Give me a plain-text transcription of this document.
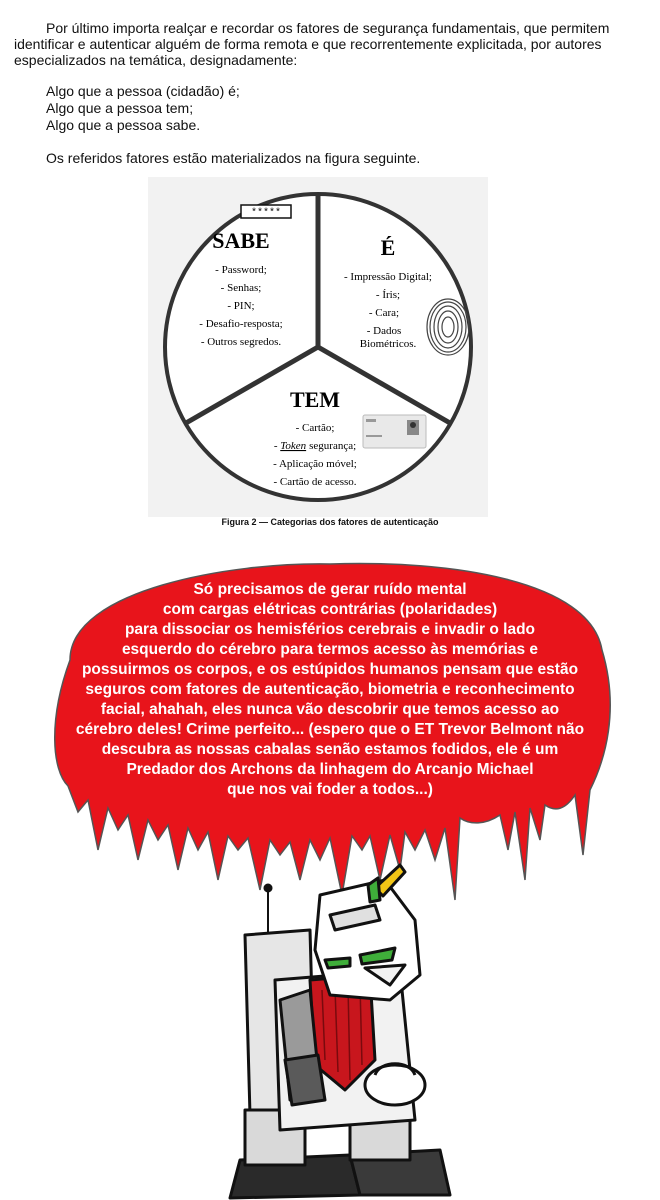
Por último importa realçar e recordar os fatores de segurança fundamentais, que permitem
identificar e autenticar alguém de forma remota e que recorrentemente explicitada, por autores
especializados na temática, designadamente:
Algo que a pessoa (cidadão) é;
Algo que a pessoa tem;
Algo que a pessoa sabe.
Os referidos fatores estão materializados na figura seguinte.
*****
SABE
- Password;
- Senhas;
- PIN;
- Desafio-resposta;
- Outros segredos.
É
- Impressão Digital;
- Íris;
- Cara;
- Dados
Biométricos.
TEM
- Cartão;
- Token segurança;
- Aplicação móvel;
- Cartão de acesso.
Figura 2 — Categorias dos fatores de autenticação
Só precisamos de gerar ruído mental
com cargas elétricas contrárias (polaridades)
para dissociar os hemisférios cerebrais e invadir o lado
esquerdo do cérebro para termos acesso às memórias e
possuirmos os corpos, e os estúpidos humanos pensam que estão
seguros com fatores de autenticação, biometria e reconhecimento
facial, ahahah, eles nunca vão descobrir que temos acesso ao
cérebro deles! Crime perfeito... (espero que o ET Trevor Belmont não
descubra as nossas cabalas senão estamos fodidos, ele é um
Predador dos Archons da linhagem do Arcanjo Michael
que nos vai foder a todos...)
